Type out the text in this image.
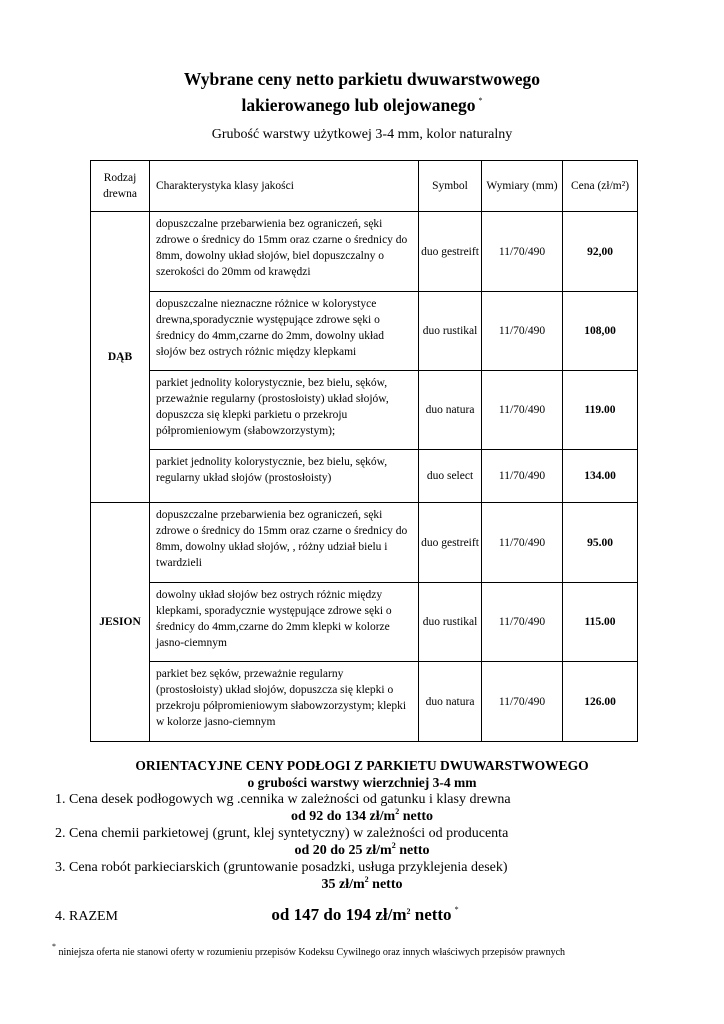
Wybrane ceny netto parkietu dwuwarstwowego
lakierowanego lub olejowanego *
Grubość warstwy użytkowej 3-4 mm, kolor naturalny
Rodzaj drewna	Charakterystyka klasy jakości	Symbol	Wymiary (mm)	Cena (zł/m²)
DĄB	dopuszczalne przebarwienia bez ograniczeń, sęki zdrowe o średnicy do 15mm oraz czarne o średnicy do 8mm, dowolny układ słojów, biel dopuszczalny o szerokości do 20mm od krawędzi	duo gestreift	11/70/490	92,00
	dopuszczalne nieznaczne różnice w kolorystyce drewna,sporadycznie występujące zdrowe sęki o średnicy do 4mm,czarne do 2mm, dowolny układ słojów bez ostrych różnic między klepkami	duo rustikal	11/70/490	108,00
	parkiet jednolity kolorystycznie, bez bielu, sęków, przeważnie regularny (prostosłoisty) układ słojów, dopuszcza się klepki parkietu o przekroju półpromieniowym (słabowzorzystym);	duo natura	11/70/490	119.00
	parkiet jednolity kolorystycznie, bez bielu, sęków, regularny układ słojów (prostosłoisty)	duo select	11/70/490	134.00
JESION	dopuszczalne przebarwienia bez ograniczeń, sęki zdrowe o średnicy do 15mm oraz czarne o średnicy do 8mm, dowolny układ słojów, , różny udział bielu i twardzieli	duo gestreift	11/70/490	95.00
	dowolny układ słojów bez ostrych różnic między klepkami, sporadycznie występujące zdrowe sęki o średnicy do 4mm,czarne do 2mm klepki w kolorze jasno-ciemnym	duo rustikal	11/70/490	115.00
	parkiet bez sęków, przeważnie regularny (prostosłoisty) układ słojów, dopuszcza się klepki o przekroju półpromieniowym słabowzorzystym; klepki w kolorze jasno-ciemnym	duo natura	11/70/490	126.00
ORIENTACYJNE CENY PODŁOGI Z PARKIETU DWUWARSTWOWEGO
o grubości warstwy wierzchniej 3-4 mm
1. Cena desek podłogowych wg .cennika w zależności od gatunku i klasy drewna
od 92 do 134 $zł/m^2$ netto
2. Cena chemii parkietowej (grunt, klej syntetyczny) w zależności od producenta
od 20 do 25 $zł/m^2$ netto
3. Cena robót parkieciarskich (gruntowanie posadzki, usługa przyklejenia desek)
35 $zł/m^2$ netto
4. RAZEM	od 147 do 194 $zł/m^2$ netto *
* niniejsza oferta nie stanowi oferty w rozumieniu przepisów Kodeksu Cywilnego oraz innych właściwych przepisów prawnych
